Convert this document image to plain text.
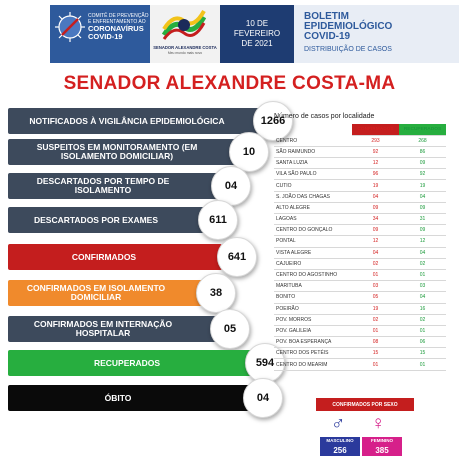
COMITÊ DE PREVENÇÃO E ENFRENTAMENTO AO
CORONAVÍRUS
COVID-19
SENADOR ALEXANDRE COSTA
Meu mundo mais novo
10 DE
FEVEREIRO
DE 2021
BOLETIM
EPIDEMIOLÓGICO
COVID-19
DISTRIBUIÇÃO DE CASOS
SENADOR ALEXANDRE COSTA-MA
NOTIFICADOS À VIGILÂNCIA EPIDEMIOLÓGICA	1266
SUSPEITOS EM MONITORAMENTO (EM ISOLAMENTO DOMICILIAR)	10
DESCARTADOS POR TEMPO DE ISOLAMENTO	04
DESCARTADOS POR EXAMES	611
CONFIRMADOS	641
CONFIRMADOS EM ISOLAMENTO DOMICILIAR	38
CONFIRMADOS EM INTERNAÇÃO HOSPITALAR	05
RECUPERADOS	594
ÓBITO	04
Número de casos por localidade
	CONFIRMADOS	RECUPERADOS
CENTRO	293	268
SÃO RAIMUNDO	92	86
SANTA LUZIA	12	09
VILA SÃO PAULO	96	92
CUTIO	19	19
S. JOÃO DAS CHAGAS	04	04
ALTO ALEGRE	09	09
LAGOAS	34	31
CENTRO DO GONÇALO	09	09
PONTAL	12	12
VISTA ALEGRE	04	04
CAJUEIRO	02	02
CENTRO DO AGOSTINHO	01	01
MARITUBA	03	03
BONITO	05	04
POEIRÃO	19	16
POV. MORROS	02	02
POV. GALILEIA	01	01
POV. BOA ESPERANÇA	08	06
CENTRO DOS PETÉIS	15	15
CENTRO DO MEARIM	01	01
CONFIRMADOS POR SEXO
♂ ♀
MASCULINO
256
FEMININO
385
